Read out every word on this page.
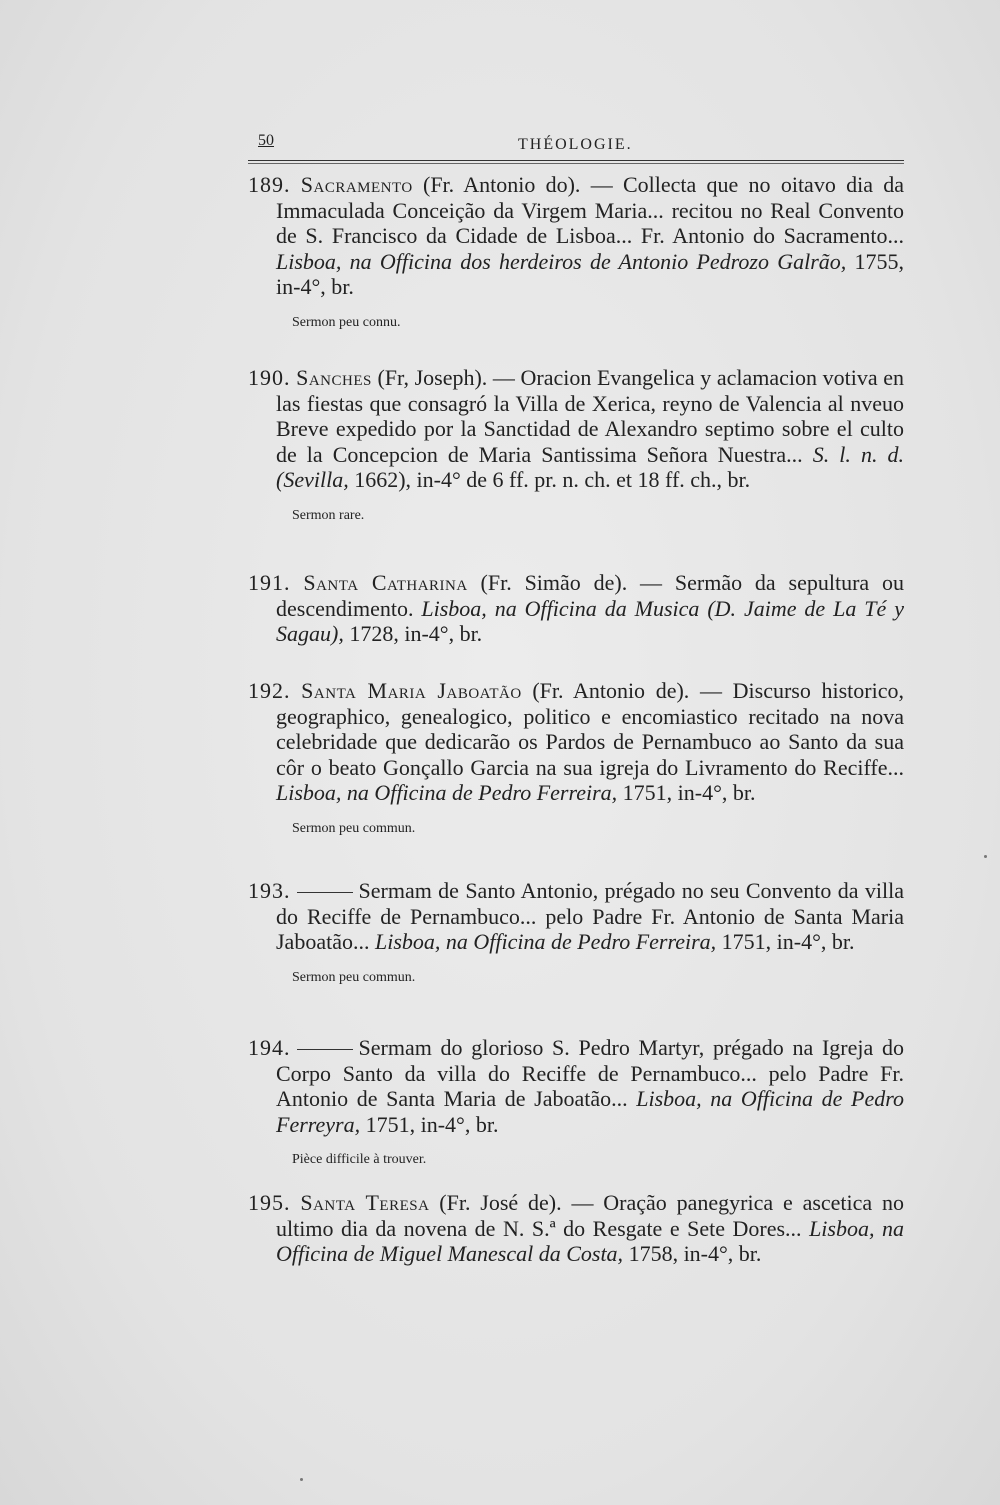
50	THÉOLOGIE.
189. Sacramento (Fr. Antonio do). — Collecta que no oitavo dia da Immaculada Conceição da Virgem Maria... recitou no Real Convento de S. Francisco da Cidade de Lisboa... Fr. Antonio do Sacramento... Lisboa, na Officina dos herdeiros de Antonio Pedrozo Galrão, 1755, in-4°, br.
Sermon peu connu.
190. Sanches (Fr, Joseph). — Oracion Evangelica y aclamacion votiva en las fiestas que consagró la Villa de Xerica, reyno de Valencia al nveuo Breve expedido por la Sanctidad de Alexandro septimo sobre el culto de la Concepcion de Maria Santissima Señora Nuestra... S. l. n. d. (Sevilla, 1662), in-4° de 6 ff. pr. n. ch. et 18 ff. ch., br.
Sermon rare.
191. Santa Catharina (Fr. Simão de). — Sermão da sepultura ou descendimento. Lisboa, na Officina da Musica (D. Jaime de La Té y Sagau), 1728, in-4°, br.
192. Santa Maria Jaboatão (Fr. Antonio de). — Discurso historico, geographico, genealogico, politico e encomiastico recitado na nova celebridade que dedicarão os Pardos de Pernambuco ao Santo da sua côr o beato Gonçallo Garcia na sua igreja do Livramento do Reciffe... Lisboa, na Officina de Pedro Ferreira, 1751, in-4°, br.
Sermon peu commun.
193.	Sermam de Santo Antonio, prégado no seu Convento da villa do Reciffe de Pernambuco... pelo Padre Fr. Antonio de Santa Maria Jaboatão... Lisboa, na Officina de Pedro Ferreira, 1751, in-4°, br.
Sermon peu commun.
194.	Sermam do glorioso S. Pedro Martyr, prégado na Igreja do Corpo Santo da villa do Reciffe de Pernambuco... pelo Padre Fr. Antonio de Santa Maria de Jaboatão... Lisboa, na Officina de Pedro Ferreyra, 1751, in-4°, br.
Pièce difficile à trouver.
195. Santa Teresa (Fr. José de). — Oração panegyrica e ascetica no ultimo dia da novena de N. S.ª do Resgate e Sete Dores... Lisboa, na Officina de Miguel Manescal da Costa, 1758, in-4°, br.
